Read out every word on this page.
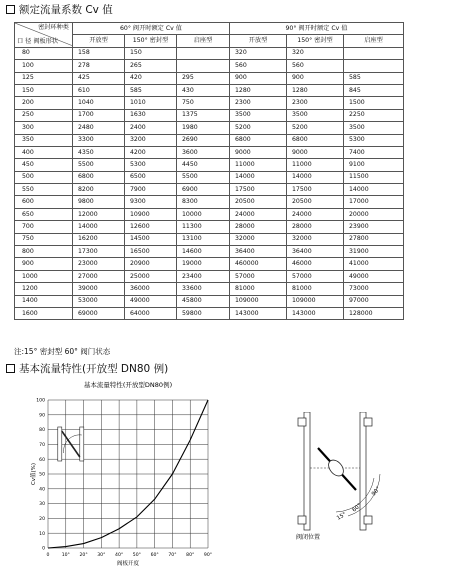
额定流量系数 Cv 值
密封环种类
口 径 阀板形状	60° 阀开时额定 Cv 值			90° 阀开时额定 Cv 值		
	开放型	150° 密封型	启座型	开放型	150° 密封型	启座型
80	158	150		320	320	
100	278	265		560	560	
125	425	420	295	900	900	585
150	610	585	430	1280	1280	845
200	1040	1010	750	2300	2300	1500
250	1700	1630	1375	3500	3500	2250
300	2480	2400	1980	5200	5200	3500
350	3300	3200	2690	6800	6800	5300
400	4350	4200	3600	9000	9000	7400
450	5500	5300	4450	11000	11000	9100
500	6800	6500	5500	14000	14000	11500
550	8200	7900	6900	17500	17500	14000
600	9800	9300	8300	20500	20500	17000
650	12000	10900	10000	24000	24000	20000
700	14000	12600	11300	28000	28000	23900
750	16200	14500	13100	32000	32000	27800
800	17300	16500	14600	36400	36400	31900
900	23000	20900	19000	460000	46000	41000
1000	27000	25000	23400	57000	57000	49000
1200	39000	36000	33600	81000	81000	73000
1400	53000	49000	45800	109000	109000	97000
1600	69000	64000	59800	143000	143000	128000
注:15° 密封型 60° 阀门状态
基本流量特性(开放型 DN80 例)
基本流量特性(开放型DN80例)
0	10° 20° 30° 40° 50° 60° 70° 80° 90°
0
10
20
30
40
50
60
70
80
90
100
Cv值(%)
阀板开度
15°
60°
90°
阀闭位置
